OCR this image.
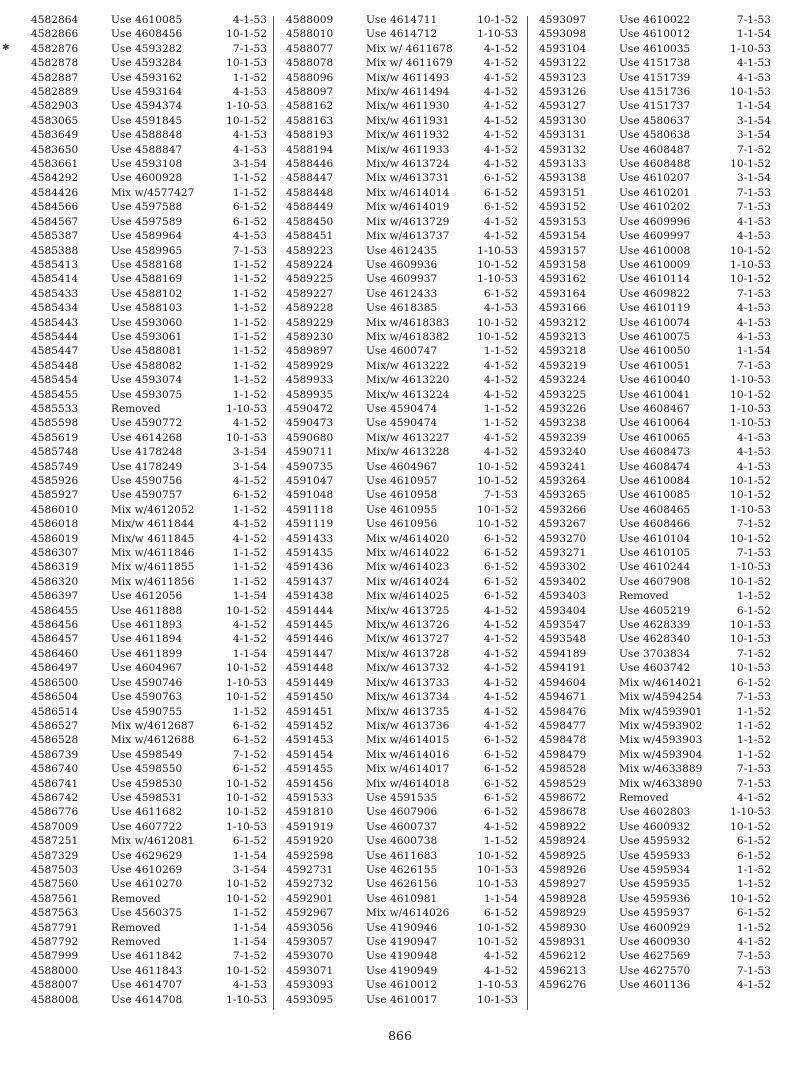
✱
4582864	Use 4610085	4-1-53
4582866	Use 4608456	10-1-52
4582876	Use 4593282	7-1-53
4582878	Use 4593284	10-1-53
4582887	Use 4593162	1-1-52
4582889	Use 4593164	4-1-53
4582903	Use 4594374	1-10-53
4583065	Use 4591845	10-1-52
4583649	Use 4588848	4-1-53
4583650	Use 4588847	4-1-53
4583661	Use 4593108	3-1-54
4584292	Use 4600928	1-1-52
4584426	Mix w/4577427	1-1-52
4584566	Use 4597588	6-1-52
4584567	Use 4597589	6-1-52
4585387	Use 4589964	4-1-53
4585388	Use 4589965	7-1-53
4585413	Use 4588168	1-1-52
4585414	Use 4588169	1-1-52
4585433	Use 4588102	1-1-52
4585434	Use 4588103	1-1-52
4585443	Use 4593060	1-1-52
4585444	Use 4593061	1-1-52
4585447	Use 4588081	1-1-52
4585448	Use 4588082	1-1-52
4585454	Use 4593074	1-1-52
4585455	Use 4593075	1-1-52
4585533	Removed	1-10-53
4585598	Use 4590772	4-1-52
4585619	Use 4614268	10-1-53
4585748	Use 4178248	3-1-54
4585749	Use 4178249	3-1-54
4585926	Use 4590756	4-1-52
4585927	Use 4590757	6-1-52
4586010	Mix w/4612052	1-1-52
4586018	Mix/w 4611844	4-1-52
4586019	Mix/w 4611845	4-1-52
4586307	Mix w/4611846	1-1-52
4586319	Mix w/4611855	1-1-52
4586320	Mix w/4611856	1-1-52
4586397	Use 4612056	1-1-54
4586455	Use 4611888	10-1-52
4586456	Use 4611893	4-1-52
4586457	Use 4611894	4-1-52
4586460	Use 4611899	1-1-54
4586497	Use 4604967	10-1-52
4586500	Use 4590746	1-10-53
4586504	Use 4590763	10-1-52
4586514	Use 4590755	1-1-52
4586527	Mix w/4612687	6-1-52
4586528	Mix w/4612688	6-1-52
4586739	Use 4598549	7-1-52
4586740	Use 4598550	6-1-52
4586741	Use 4598530	10-1-52
4586742	Use 4598531	10-1-52
4586776	Use 4611682	10-1-52
4587009	Use 4607722	1-10-53
4587251	Mix w/4612081	6-1-52
4587329	Use 4629629	1-1-54
4587503	Use 4610269	3-1-54
4587560	Use 4610270	10-1-52
4587561	Removed	10-1-52
4587563	Use 4560375	1-1-52
4587791	Removed	1-1-54
4587792	Removed	1-1-54
4587999	Use 4611842	7-1-52
4588000	Use 4611843	10-1-52
4588007	Use 4614707	4-1-53
4588008	Use 4614708	1-10-53
4588009	Use 4614711	10-1-52
4588010	Use 4614712	1-10-53
4588077	Mix w/ 4611678	4-1-52
4588078	Mix w/ 4611679	4-1-52
4588096	Mix/w 4611493	4-1-52
4588097	Mix/w 4611494	4-1-52
4588162	Mix/w 4611930	4-1-52
4588163	Mix/w 4611931	4-1-52
4588193	Mix/w 4611932	4-1-52
4588194	Mix/w 4611933	4-1-52
4588446	Mix/w 4613724	4-1-52
4588447	Mix w/4613731	6-1-52
4588448	Mix w/4614014	6-1-52
4588449	Mix w/4614019	6-1-52
4588450	Mix w/4613729	4-1-52
4588451	Mix w/4613737	4-1-52
4589223	Use 4612435	1-10-53
4589224	Use 4609936	10-1-52
4589225	Use 4609937	1-10-53
4589227	Use 4612433	6-1-52
4589228	Use 4618385	4-1-53
4589229	Mix w/4618383	10-1-52
4589230	Mix w/4618382	10-1-52
4589897	Use 4600747	1-1-52
4589929	Mix/w 4613222	4-1-52
4589933	Mix/w 4613220	4-1-52
4589935	Mix/w 4613224	4-1-52
4590472	Use 4590474	1-1-52
4590473	Use 4590474	1-1-52
4590680	Mix/w 4613227	4-1-52
4590711	Mix/w 4613228	4-1-52
4590735	Use 4604967	10-1-52
4591047	Use 4610957	10-1-52
4591048	Use 4610958	7-1-53
4591118	Use 4610955	10-1-52
4591119	Use 4610956	10-1-52
4591433	Mix w/4614020	6-1-52
4591435	Mix w/4614022	6-1-52
4591436	Mix w/4614023	6-1-52
4591437	Mix w/4614024	6-1-52
4591438	Mix w/4614025	6-1-52
4591444	Mix/w 4613725	4-1-52
4591445	Mix/w 4613726	4-1-52
4591446	Mix/w 4613727	4-1-52
4591447	Mix/w 4613728	4-1-52
4591448	Mix/w 4613732	4-1-52
4591449	Mix/w 4613733	4-1-52
4591450	Mix/w 4613734	4-1-52
4591451	Mix/w 4613735	4-1-52
4591452	Mix/w 4613736	4-1-52
4591453	Mix w/4614015	6-1-52
4591454	Mix w/4614016	6-1-52
4591455	Mix w/4614017	6-1-52
4591456	Mix w/4614018	6-1-52
4591533	Use 4591535	6-1-52
4591810	Use 4607906	6-1-52
4591919	Use 4600737	4-1-52
4591920	Use 4600738	1-1-52
4592598	Use 4611683	10-1-52
4592731	Use 4626155	10-1-53
4592732	Use 4626156	10-1-53
4592901	Use 4610981	1-1-54
4592967	Mix w/4614026	6-1-52
4593056	Use 4190946	10-1-52
4593057	Use 4190947	10-1-52
4593070	Use 4190948	4-1-52
4593071	Use 4190949	4-1-52
4593093	Use 4610012	1-10-53
4593095	Use 4610017	10-1-53
4593097	Use 4610022	7-1-53
4593098	Use 4610012	1-1-54
4593104	Use 4610035	1-10-53
4593122	Use 4151738	4-1-53
4593123	Use 4151739	4-1-53
4593126	Use 4151736	10-1-53
4593127	Use 4151737	1-1-54
4593130	Use 4580637	3-1-54
4593131	Use 4580638	3-1-54
4593132	Use 4608487	7-1-52
4593133	Use 4608488	10-1-52
4593138	Use 4610207	3-1-54
4593151	Use 4610201	7-1-53
4593152	Use 4610202	7-1-53
4593153	Use 4609996	4-1-53
4593154	Use 4609997	4-1-53
4593157	Use 4610008	10-1-52
4593158	Use 4610009	1-10-53
4593162	Use 4610114	10-1-52
4593164	Use 4609822	7-1-53
4593166	Use 4610119	4-1-53
4593212	Use 4610074	4-1-53
4593213	Use 4610075	4-1-53
4593218	Use 4610050	1-1-54
4593219	Use 4610051	7-1-53
4593224	Use 4610040	1-10-53
4593225	Use 4610041	10-1-52
4593226	Use 4608467	1-10-53
4593238	Use 4610064	1-10-53
4593239	Use 4610065	4-1-53
4593240	Use 4608473	4-1-53
4593241	Use 4608474	4-1-53
4593264	Use 4610084	10-1-52
4593265	Use 4610085	10-1-52
4593266	Use 4608465	1-10-53
4593267	Use 4608466	7-1-52
4593270	Use 4610104	10-1-52
4593271	Use 4610105	7-1-53
4593302	Use 4610244	1-10-53
4593402	Use 4607908	10-1-52
4593403	Removed	1-1-52
4593404	Use 4605219	6-1-52
4593547	Use 4628339	10-1-53
4593548	Use 4628340	10-1-53
4594189	Use 3703834	7-1-52
4594191	Use 4603742	10-1-53
4594604	Mix w/4614021	6-1-52
4594671	Mix w/4594254	7-1-53
4598476	Mix w/4593901	1-1-52
4598477	Mix w/4593902	1-1-52
4598478	Mix w/4593903	1-1-52
4598479	Mix w/4593904	1-1-52
4598528	Mix w/4633889	7-1-53
4598529	Mix w/4633890	7-1-53
4598672	Removed	4-1-52
4598678	Use 4602803	1-10-53
4598922	Use 4600932	10-1-52
4598924	Use 4595932	6-1-52
4598925	Use 4595933	6-1-52
4598926	Use 4595934	1-1-52
4598927	Use 4595935	1-1-52
4598928	Use 4595936	10-1-52
4598929	Use 4595937	6-1-52
4598930	Use 4600929	1-1-52
4598931	Use 4600930	4-1-52
4596212	Use 4627569	7-1-53
4596213	Use 4627570	7-1-53
4596276	Use 4601136	4-1-52
866
